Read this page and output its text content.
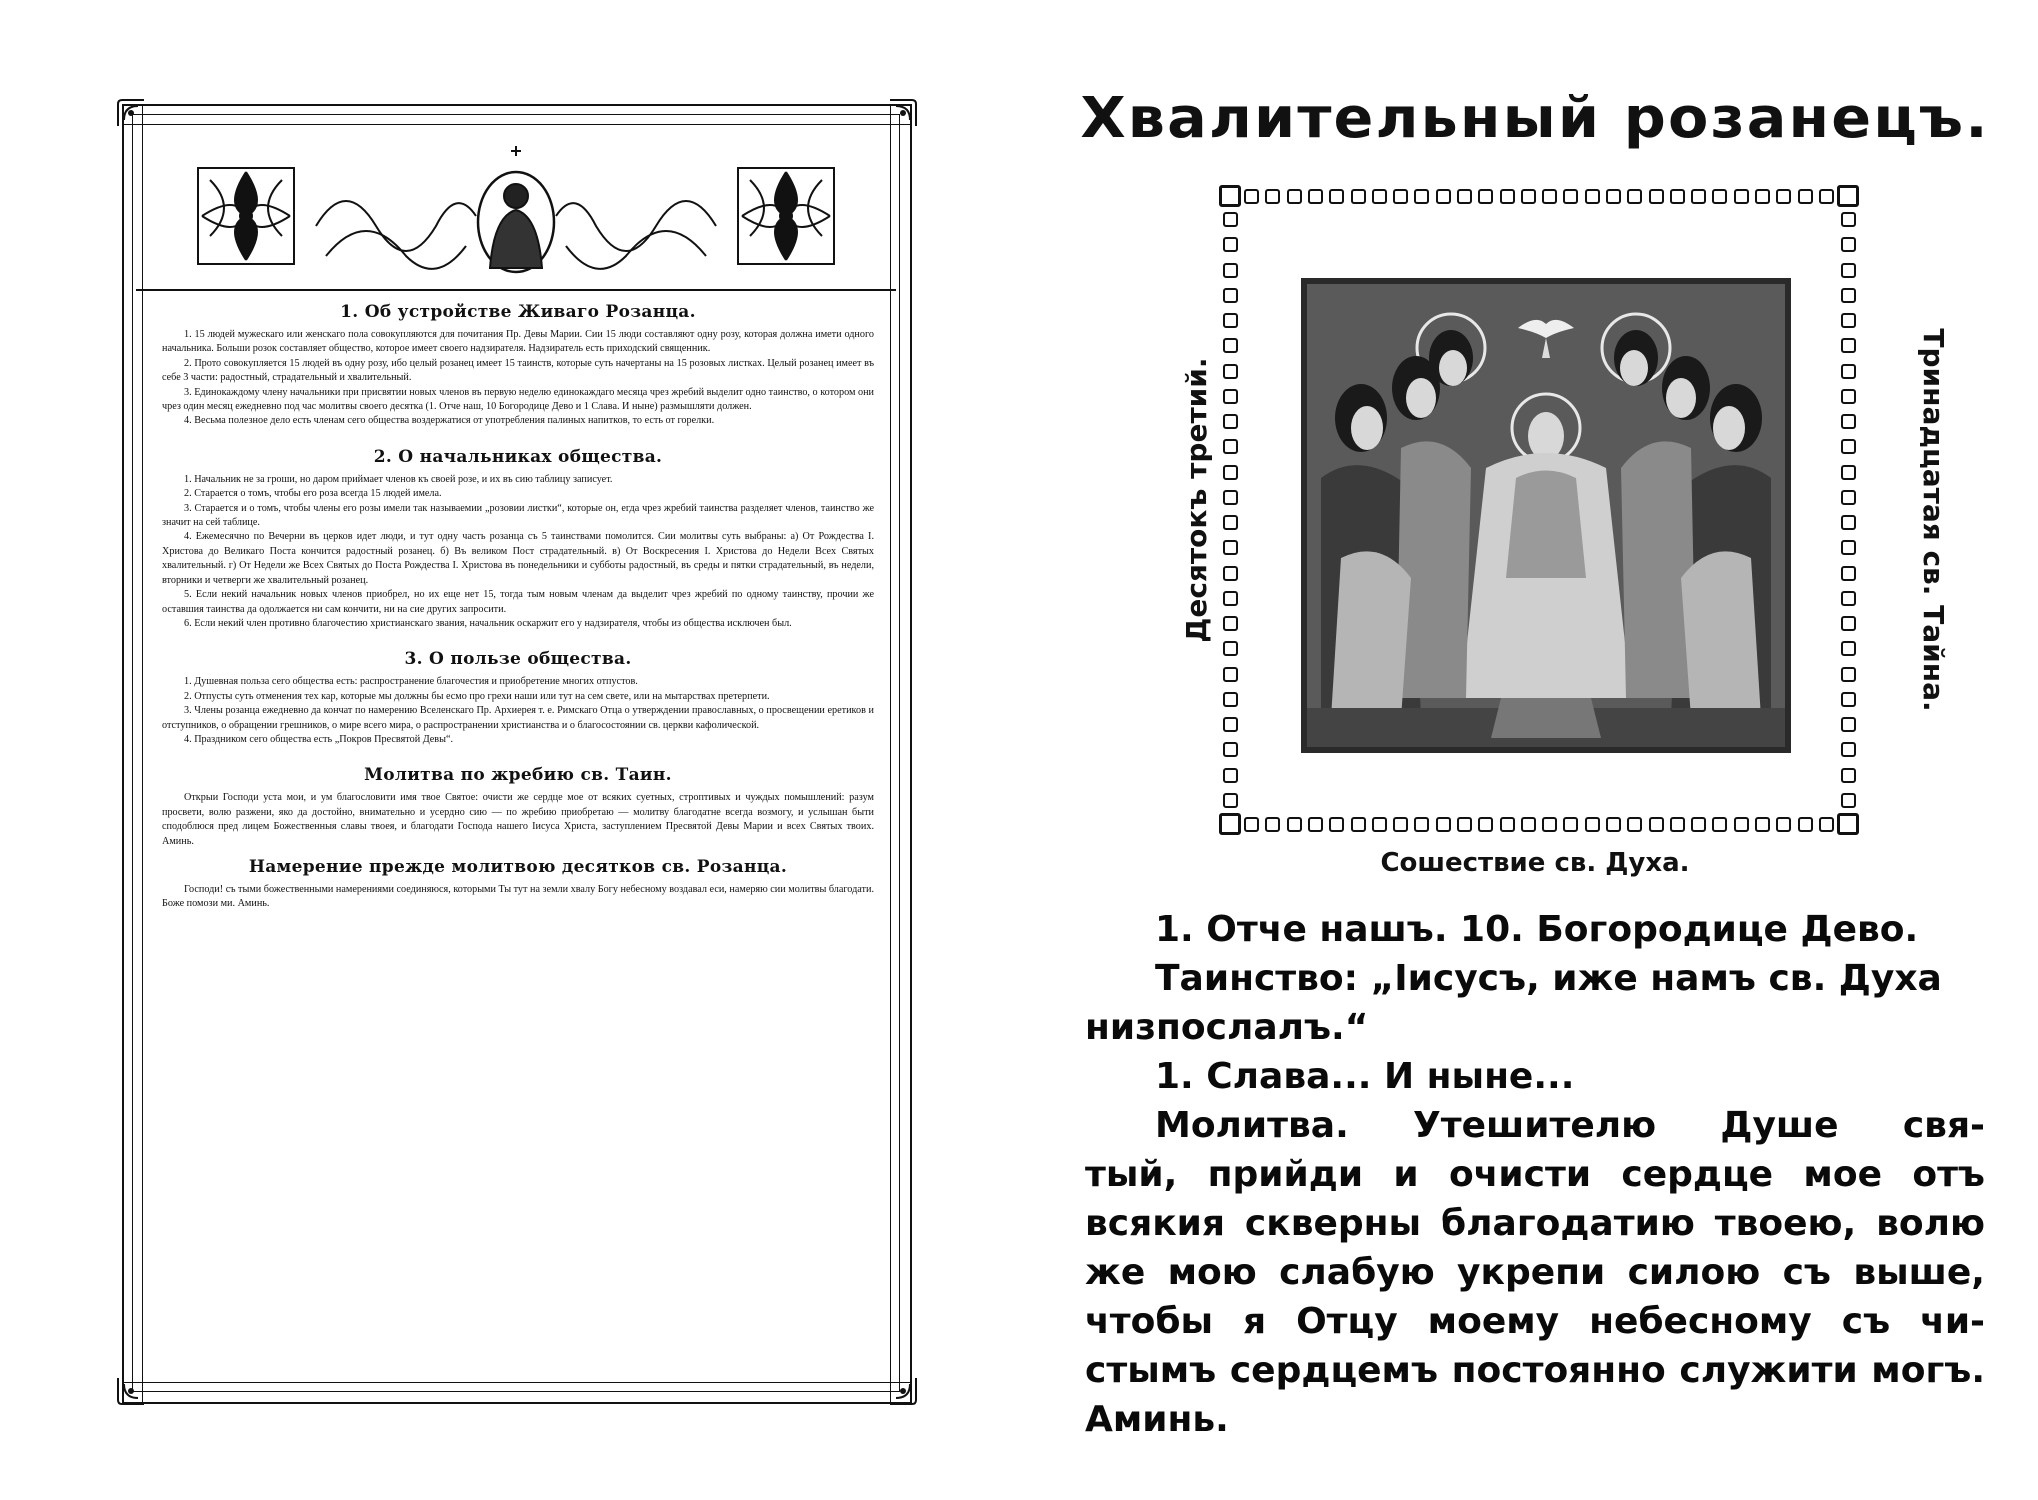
1. Об устройстве Живаго Розанца.

1. 15 людей мужескаго или женскаго пола совокупляются для почитания Пр. Девы Марии. Сии 15 люди составляют одну розу, которая должна имети одного начальника. Больши розок составляет общество, которое имеет своего надзирателя. Надзиратель есть приходский священник.

2. Прото совокупляется 15 людей въ одну розу, ибо цeлый розанец имеет 15 таинств, которые суть начертаны на 15 розовых листках. Цeлый розанец имеет въ себе 3 части: радостный, страдательный и хвалительный.

3. Единокаждому члену начальники при присвятии новых членов въ первую неделю единокаждаго месяца чрез жребий выделит одно таинство, о котором они чрез один месяц ежедневно под час молитвы своего десятка (1. Отче наш, 10 Богородице Дево и 1 Слава. И нынe) размышляти должен.

4. Весьма полезное дeло есть членам сего общества воздержатися от употребления палиных напитков, то есть от горелки.

2. О начальниках общества.

1. Начальник не за гроши, но даром приймает членов къ своей розе, и их въ сию таблицу записует.

2. Старается о томъ, чтобы его роза всегда 15 людей имeла.

3. Старается и о томъ, чтобы члены его розы имeли так называемии „розовии листки“, которые он, егда чрез жребий таинства раздeляет членов, таинство же значит на сей таблицe.

4. Ежемесячно по Вечерни въ церков идет люди, и тут одну часть розанца съ 5 таинствами помолится. Сии молитвы суть выбраны: а) От Рождества I. Христова до Великаго Поста кончится радостный розанец. б) Въ великом Пост страдательный. в) От Воскресения I. Христова до Недeли Всeх Святых хвалительный. г) От Недeли же Всeх Святых до Поста Рождества I. Христова въ понедeльники и субботы радостный, въ среды и пятки страдательный, въ недeли, вторники и четверги же хвалительный розанец.

5. Если нeкий начальник новых членов приобрeл, но их еще нeт 15, тогда тым новым членам да выделит чрез жребий по одному таинству, прочии же оставшия таинства да одолжается ни сам кончити, ни на сие другиx запросити.

6. Если нeкий член противно благочестию христианскаго звания, начальник оскаржит его у надзирателя, чтобы из общества исключен был.

3. О пользе общества.

1. Душевная польза сего общества есть: распространение благочестия и приобрeтение многих отпустов.

2. Отпусты суть отмeнения тeх кар, которые мы должны бы есмо про грехи наши или тут на сем свeтe, или на мытарствах претерпeти.

3. Члены розанца ежедневно да кончат по намeрению Вселенскаго Пр. Архиерея т. е. Римскаго Отца о утверждении православных, о просвeщении еретиков и отступников, о обращении грешников, о мирe всего мира, о распространении христианства и о благосостоянии св. церкви кафолической.

4. Праздником сего общества есть „Покров Пресвятой Девы“.

Молитва по жребию св. Таин.

Открыи Господи уста мои, и ум благословити имя твое Святое: очисти же сердце мое от всяких суетных, строптивых и чуждых помышлений: разум просвeти, волю разжени, яко да достойно, внимательно и усердно сию — по жребию приобрeтаю — молитву благодатне всегда возмогу, и услышан быти сподоблюся пред лицем Божественныя славы твоея, и благодати Господа нашего Iисуса Христа, заступлением Пресвятой Девы Марии и всeх Святых твоих. Аминь.

Намeрение прежде молитвою десятков св. Розанца.

Господи! съ тыми божественными намeрениями соединяюся, которыми Ты тут на земли хвалу Богу небесному воздавал еси, намeряю сии молитвы благодати. Боже помози ми. Аминь.

Хвалительный розанецъ.
Десятокъ третий.	Тринадцатая св. Тайна.
Сошествие св. Духа.

1. Отче нашъ. 10. Богородице Дeво.

Таинство: „Iисусъ, иже намъ св. Духа

низпослалъ.“

1. Слава... И нынe...

Молитва. Утeшителю Душе свя-

тый, прийди и очисти сердце мое отъ

всякия скверны благодатию твоею, волю

же мою слабую укрeпи силою съ выше,

чтобы я Отцу моему небесному съ чи-

стымъ сердцемъ постоянно служити могъ.

Аминь.
